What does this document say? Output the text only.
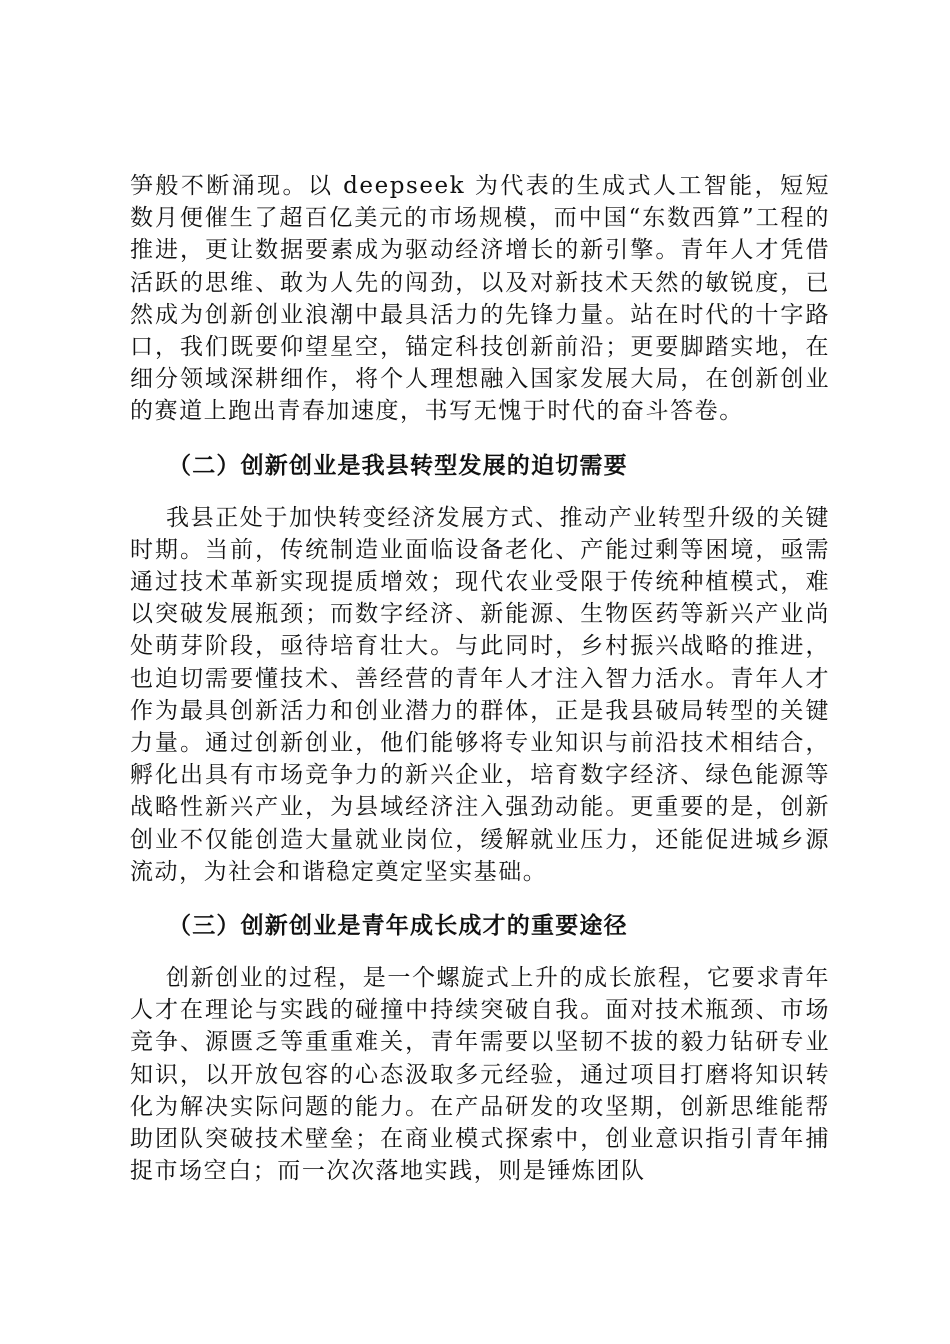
笋般不断涌现。以 deepseek 为代表的生成式人工智能，短短数月便催生了超百亿美元的市场规模，而中国“东数西算”工程的推进，更让数据要素成为驱动经济增长的新引擎。青年人才凭借活跃的思维、敢为人先的闯劲，以及对新技术天然的敏锐度，已然成为创新创业浪潮中最具活力的先锋力量。站在时代的十字路口，我们既要仰望星空，锚定科技创新前沿；更要脚踏实地，在细分领域深耕细作，将个人理想融入国家发展大局，在创新创业的赛道上跑出青春加速度，书写无愧于时代的奋斗答卷。

（二）创新创业是我县转型发展的迫切需要

我县正处于加快转变经济发展方式、推动产业转型升级的关键时期。当前，传统制造业面临设备老化、产能过剩等困境，亟需通过技术革新实现提质增效；现代农业受限于传统种植模式，难以突破发展瓶颈；而数字经济、新能源、生物医药等新兴产业尚处萌芽阶段，亟待培育壮大。与此同时，乡村振兴战略的推进，也迫切需要懂技术、善经营的青年人才注入智力活水。青年人才作为最具创新活力和创业潜力的群体，正是我县破局转型的关键力量。通过创新创业，他们能够将专业知识与前沿技术相结合，孵化出具有市场竞争力的新兴企业，培育数字经济、绿色能源等战略性新兴产业，为县域经济注入强劲动能。更重要的是，创新创业不仅能创造大量就业岗位，缓解就业压力，还能促进城乡源流动，为社会和谐稳定奠定坚实基础。

（三）创新创业是青年成长成才的重要途径

创新创业的过程，是一个螺旋式上升的成长旅程，它要求青年人才在理论与实践的碰撞中持续突破自我。面对技术瓶颈、市场竞争、源匮乏等重重难关，青年需要以坚韧不拔的毅力钻研专业知识，以开放包容的心态汲取多元经验，通过项目打磨将知识转化为解决实际问题的能力。在产品研发的攻坚期，创新思维能帮助团队突破技术壁垒；在商业模式探索中，创业意识指引青年捕捉市场空白；而一次次落地实践，则是锤炼团队
